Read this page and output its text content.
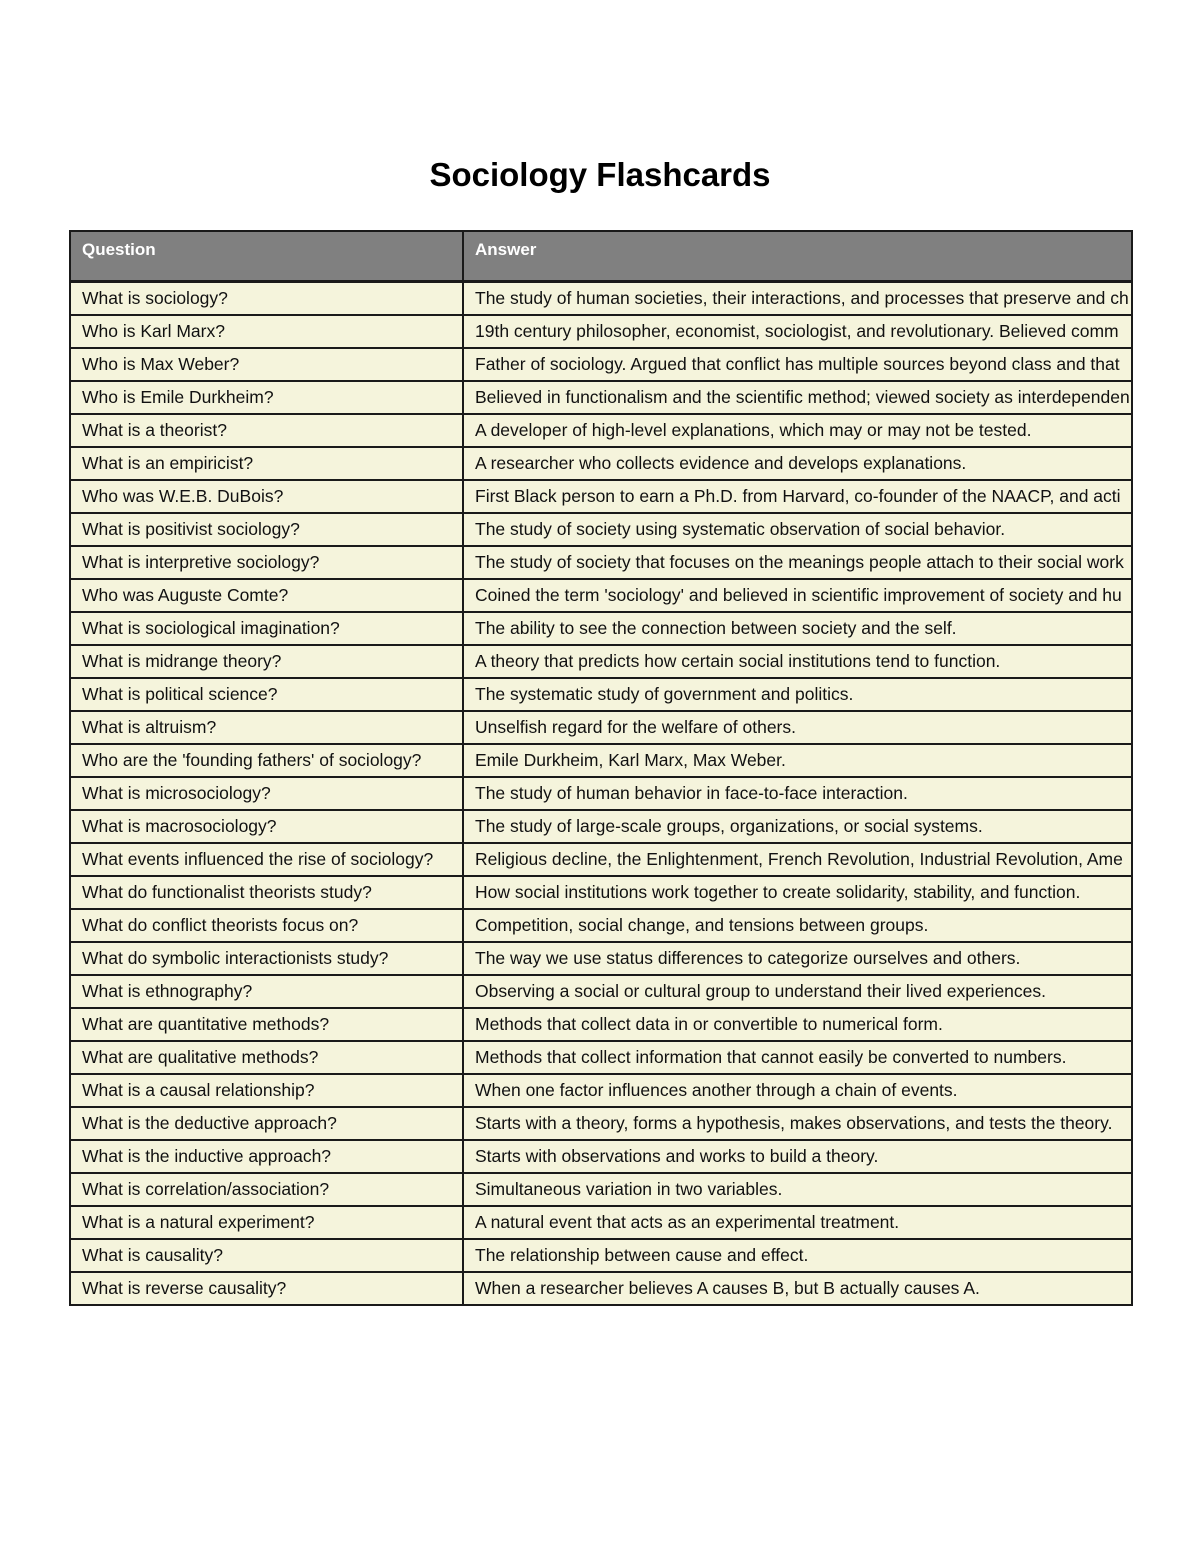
Sociology Flashcards
Question	Answer
What is sociology?	The study of human societies, their interactions, and processes that preserve and ch
Who is Karl Marx?	19th century philosopher, economist, sociologist, and revolutionary. Believed comm
Who is Max Weber?	Father of sociology. Argued that conflict has multiple sources beyond class and that
Who is Emile Durkheim?	Believed in functionalism and the scientific method; viewed society as interdependen
What is a theorist?	A developer of high-level explanations, which may or may not be tested.
What is an empiricist?	A researcher who collects evidence and develops explanations.
Who was W.E.B. DuBois?	First Black person to earn a Ph.D. from Harvard, co-founder of the NAACP, and acti
What is positivist sociology?	The study of society using systematic observation of social behavior.
What is interpretive sociology?	The study of society that focuses on the meanings people attach to their social work
Who was Auguste Comte?	Coined the term 'sociology' and believed in scientific improvement of society and hu
What is sociological imagination?	The ability to see the connection between society and the self.
What is midrange theory?	A theory that predicts how certain social institutions tend to function.
What is political science?	The systematic study of government and politics.
What is altruism?	Unselfish regard for the welfare of others.
Who are the 'founding fathers' of sociology?	Emile Durkheim, Karl Marx, Max Weber.
What is microsociology?	The study of human behavior in face-to-face interaction.
What is macrosociology?	The study of large-scale groups, organizations, or social systems.
What events influenced the rise of sociology?	Religious decline, the Enlightenment, French Revolution, Industrial Revolution, Ame
What do functionalist theorists study?	How social institutions work together to create solidarity, stability, and function.
What do conflict theorists focus on?	Competition, social change, and tensions between groups.
What do symbolic interactionists study?	The way we use status differences to categorize ourselves and others.
What is ethnography?	Observing a social or cultural group to understand their lived experiences.
What are quantitative methods?	Methods that collect data in or convertible to numerical form.
What are qualitative methods?	Methods that collect information that cannot easily be converted to numbers.
What is a causal relationship?	When one factor influences another through a chain of events.
What is the deductive approach?	Starts with a theory, forms a hypothesis, makes observations, and tests the theory.
What is the inductive approach?	Starts with observations and works to build a theory.
What is correlation/association?	Simultaneous variation in two variables.
What is a natural experiment?	A natural event that acts as an experimental treatment.
What is causality?	The relationship between cause and effect.
What is reverse causality?	When a researcher believes A causes B, but B actually causes A.
